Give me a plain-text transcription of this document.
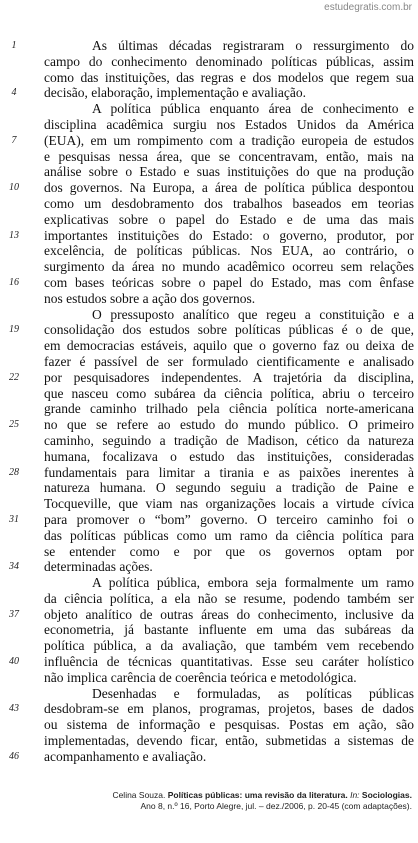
estudegratis.com.br
1	As últimas décadas registraram o ressurgimento do
campo do conhecimento denominado políticas públicas, assim
como das instituições, das regras e dos modelos que regem sua
4	decisão, elaboração, implementação e avaliação.
A política pública enquanto área de conhecimento e
disciplina acadêmica surgiu nos Estados Unidos da América
7	(EUA), em um rompimento com a tradição europeia de estudos
e pesquisas nessa área, que se concentravam, então, mais na
análise sobre o Estado e suas instituições do que na produção
10	dos governos. Na Europa, a área de política pública despontou
como um desdobramento dos trabalhos baseados em teorias
explicativas sobre o papel do Estado e de uma das mais
13	importantes instituições do Estado: o governo, produtor, por
excelência, de políticas públicas. Nos EUA, ao contrário, o
surgimento da área no mundo acadêmico ocorreu sem relações
16	com bases teóricas sobre o papel do Estado, mas com ênfase
nos estudos sobre a ação dos governos.
O pressuposto analítico que regeu a constituição e a
19	consolidação dos estudos sobre políticas públicas é o de que,
em democracias estáveis, aquilo que o governo faz ou deixa de
fazer é passível de ser formulado cientificamente e analisado
22	por pesquisadores independentes. A trajetória da disciplina,
que nasceu como subárea da ciência política, abriu o terceiro
grande caminho trilhado pela ciência política norte-americana
25	no que se refere ao estudo do mundo público. O primeiro
caminho, seguindo a tradição de Madison, cético da natureza
humana, focalizava o estudo das instituições, consideradas
28	fundamentais para limitar a tirania e as paixões inerentes à
natureza humana. O segundo seguiu a tradição de Paine e
Tocqueville, que viam nas organizações locais a virtude cívica
31	para promover o “bom” governo. O terceiro caminho foi o
das políticas públicas como um ramo da ciência política para
se entender como e por que os governos optam por
34	determinadas ações.
A política pública, embora seja formalmente um ramo
da ciência política, a ela não se resume, podendo também ser
37	objeto analítico de outras áreas do conhecimento, inclusive da
econometria, já bastante influente em uma das subáreas da
política pública, a da avaliação, que também vem recebendo
40	influência de técnicas quantitativas. Esse seu caráter holístico
não implica carência de coerência teórica e metodológica.
Desenhadas e formuladas, as políticas públicas
43	desdobram-se em planos, programas, projetos, bases de dados
ou sistema de informação e pesquisas. Postas em ação, são
implementadas, devendo ficar, então, submetidas a sistemas de
46	acompanhamento e avaliação.
Celina Souza. Políticas públicas: uma revisão da literatura. In: Sociologias.
Ano 8, n.º 16, Porto Alegre, jul. – dez./2006, p. 20-45 (com adaptações).
